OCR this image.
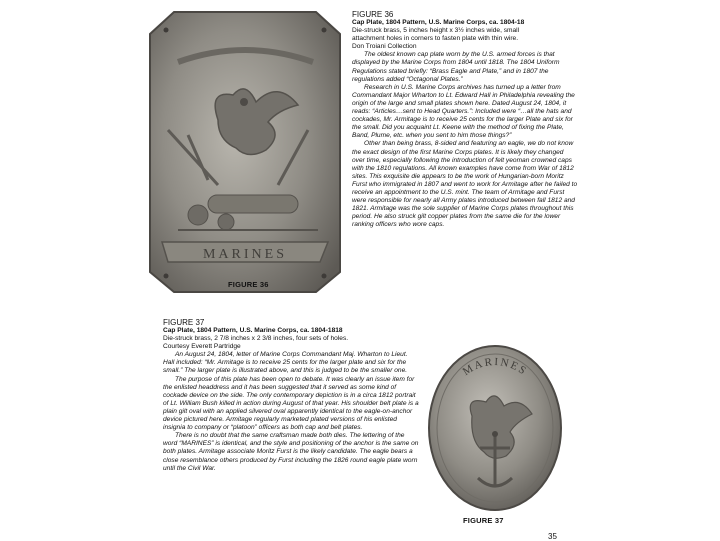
MARINES
FIGURE 36
FIGURE 36
Cap Plate, 1804 Pattern, U.S. Marine Corps, ca. 1804-18
Die-struck brass, 5 inches height x 3½ inches wide, small
attachment holes in corners to fasten plate with thin wire.
Don Troiani Collection

The oldest known cap plate worn by the U.S. armed forces is that displayed by the Marine Corps from 1804 until 1818. The 1804 Uniform Regulations stated briefly: “Brass Eagle and Plate,” and in 1807 the regulations added “Octagonal Plates.”

Research in U.S. Marine Corps archives has turned up a letter from Commandant Major Wharton to Lt. Edward Hall in Philadelphia revealing the origin of the large and small plates shown here. Dated August 24, 1804, it reads: “Articles…sent to Head Quarters.”: Included were “…all the hats and cockades, Mr. Armitage is to receive 25 cents for the larger Plate and six for the small. Did you acquaint Lt. Keene with the method of fixing the Plate, Band, Plume, etc. when you sent to him those things?”

Other than being brass, 8-sided and featuring an eagle, we do not know the exact design of the first Marine Corps plates. It is likely they changed over time, especially following the introduction of felt yeoman crowned caps with the 1810 regulations. All known examples have come from War of 1812 sites. This exquisite die appears to be the work of Hungarian-born Moritz Furst who immigrated in 1807 and went to work for Armitage after he failed to receive an appointment to the U.S. mint. The team of Armitage and Furst were responsible for nearly all Army plates introduced between fall 1812 and 1821. Armitage was the sole supplier of Marine Corps plates throughout this period. He also struck gilt copper plates from the same die for the lower ranking officers who wore caps.

FIGURE 37
Cap Plate, 1804 Pattern, U.S. Marine Corps, ca. 1804-1818
Die-struck brass, 2 7/8 inches x 2 3/8 inches, four sets of holes.
Courtesy Everett Partridge

An August 24, 1804, letter of Marine Corps Commandant Maj. Wharton to Lieut. Hall included: “Mr. Armitage is to receive 25 cents for the larger plate and six for the small.” The larger plate is illustrated above, and this is judged to be the smaller one.

The purpose of this plate has been open to debate. It was clearly an issue item for the enlisted headdress and it has been suggested that it served as some kind of cockade device on the side. The only contemporary depiction is in a circa 1812 portrait of Lt. William Bush killed in action during August of that year. His shoulder belt plate is a plain gilt oval with an applied silvered oval apparently identical to the eagle-on-anchor device pictured here. Armitage regularly marketed plated versions of his enlisted insignia to company or “platoon” officers as both cap and belt plates.

There is no doubt that the same craftsman made both dies. The lettering of the word “MARINES” is identical, and the style and positioning of the anchor is the same on both plates. Armitage associate Moritz Furst is the likely candidate. The eagle bears a close resemblance others produced by Furst including the 1826 round eagle plate worn until the Civil War.

MARINES
FIGURE 37
35
